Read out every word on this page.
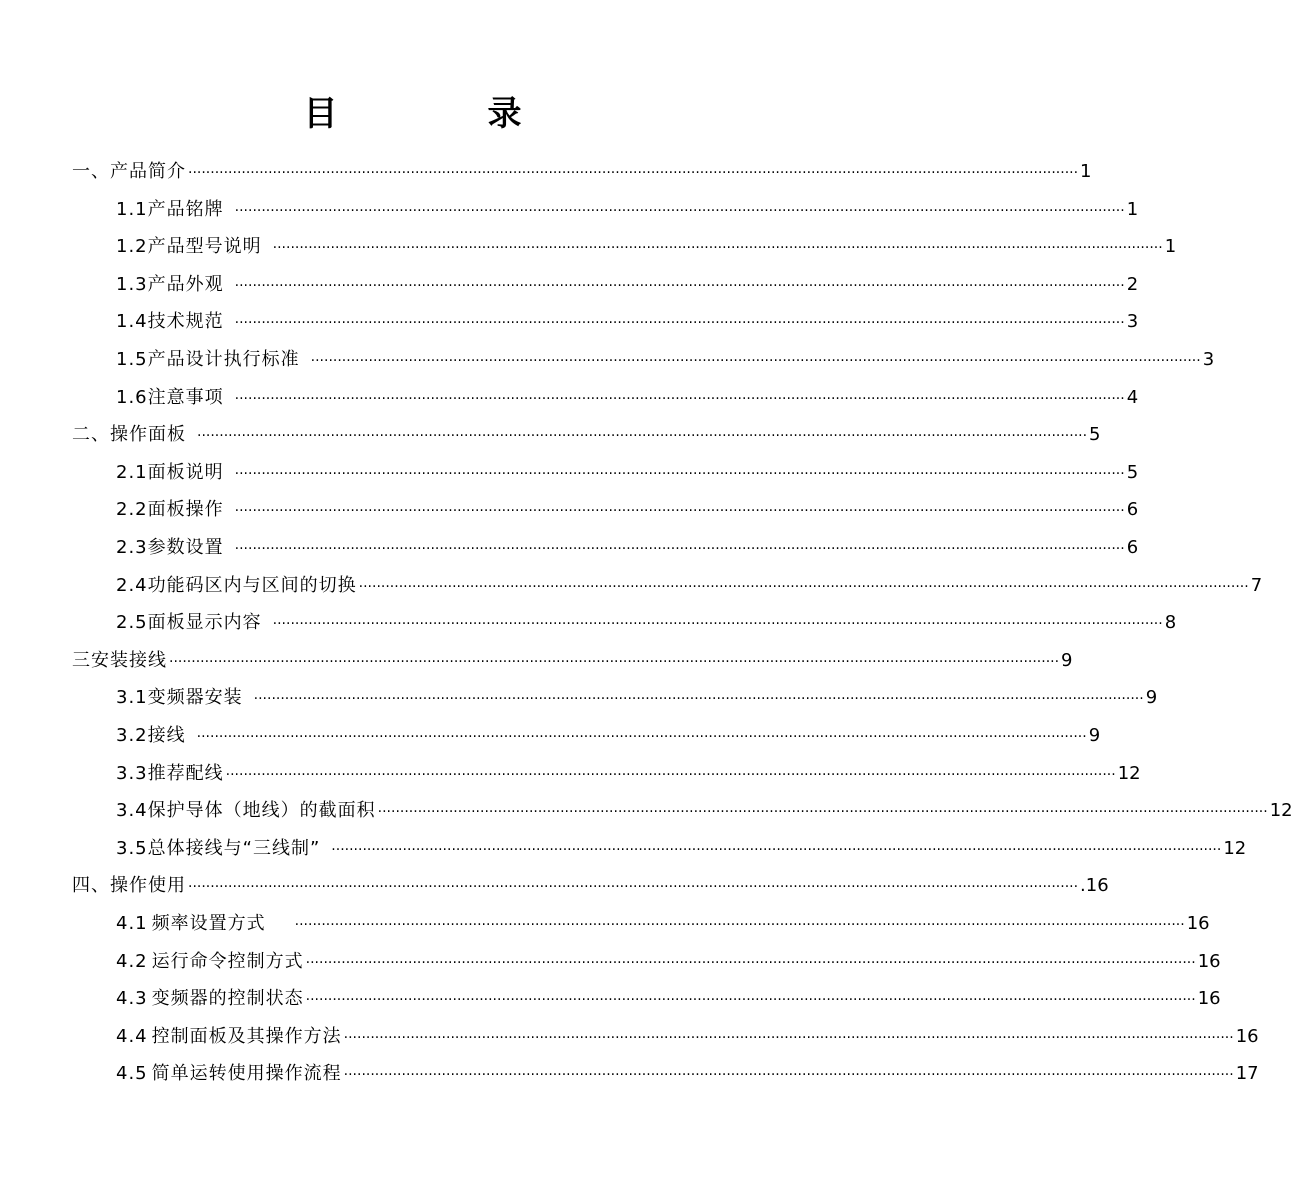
目　录
一、 产品简介 ········································································································································································································ 1
1.1 产品铭牌 ········································································································································································································ 1
1.2 产品型号说明 ········································································································································································································ 1
1.3 产品外观 ········································································································································································································ 2
1.4 技术规范 ········································································································································································································ 3
1.5 产品设计执行标准 ········································································································································································································ 3
1.6 注意事项 ········································································································································································································ 4
二、 操作面板 ········································································································································································································ 5
2.1 面板说明 ········································································································································································································ 5
2.2 面板操作 ········································································································································································································ 6
2.3 参数设置 ········································································································································································································ 6
2.4 功能码区内与区间的切换 ········································································································································································································ 7
2.5 面板显示内容 ········································································································································································································ 8
三 安装接线 ········································································································································································································ 9
3.1 变频器安装 ········································································································································································································ 9
3.2 接线 ········································································································································································································ 9
3.3 推荐配线 ········································································································································································································ 12
3.4 保护导体（地线）的截面积 ········································································································································································································ 12
3.5 总体接线与“三线制” ········································································································································································································ 12
四、 操作使用 ········································································································································································································ .16
4.1 频率设置方式 ········································································································································································································ 16
4.2 运行命令控制方式 ········································································································································································································ 16
4.3 变频器的控制状态 ········································································································································································································ 16
4.4 控制面板及其操作方法 ········································································································································································································ 16
4.5 简单运转使用操作流程 ········································································································································································································ 17
